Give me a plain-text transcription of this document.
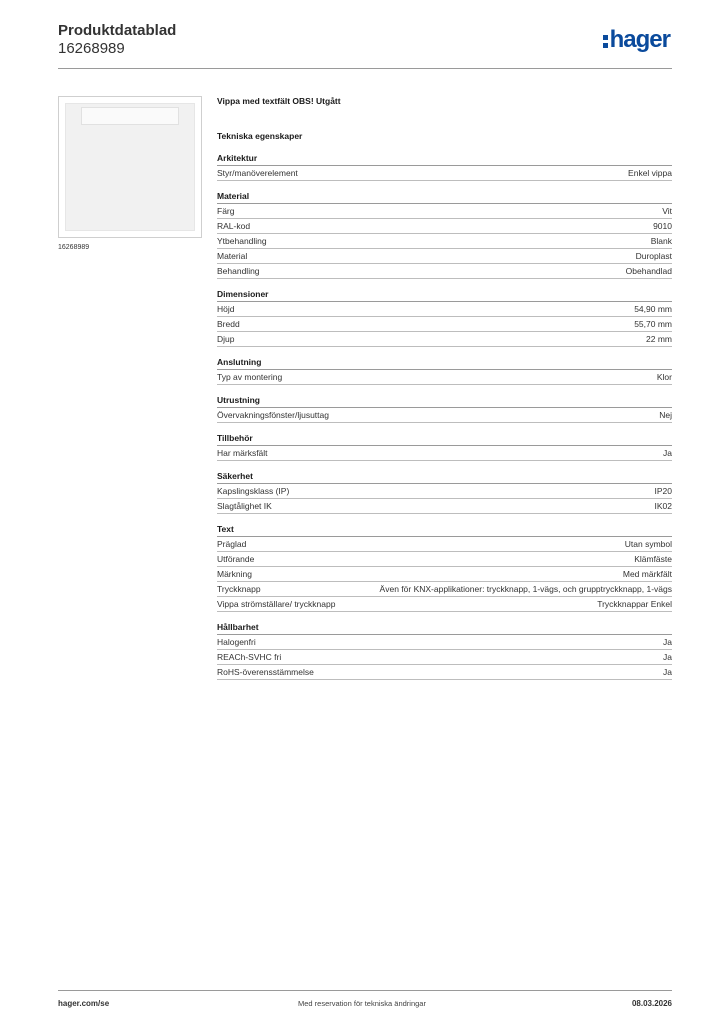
Produktdatablad
16268989	hager
16268989
Vippa med textfält OBS! Utgått
Tekniska egenskaper
Arkitektur
Styr/manöverelement	Enkel vippa
Material
Färg	Vit
RAL-kod	9010
Ytbehandling	Blank
Material	Duroplast
Behandling	Obehandlad
Dimensioner
Höjd	54,90 mm
Bredd	55,70 mm
Djup	22 mm
Anslutning
Typ av montering	Klor
Utrustning
Övervakningsfönster/ljusuttag	Nej
Tillbehör
Har märksfält	Ja
Säkerhet
Kapslingsklass (IP)	IP20
Slagtålighet IK	IK02
Text
Präglad	Utan symbol
Utförande	Klämfäste
Märkning	Med märkfält
Tryckknapp	Även för KNX-applikationer: tryckknapp, 1-vägs, och grupptryckknapp, 1-vägs
Vippa strömställare/ tryckknapp	Tryckknappar Enkel
Hållbarhet
Halogenfri	Ja
REACh-SVHC fri	Ja
RoHS-överensstämmelse	Ja
hager.com/se	Med reservation för tekniska ändringar	08.03.2026
